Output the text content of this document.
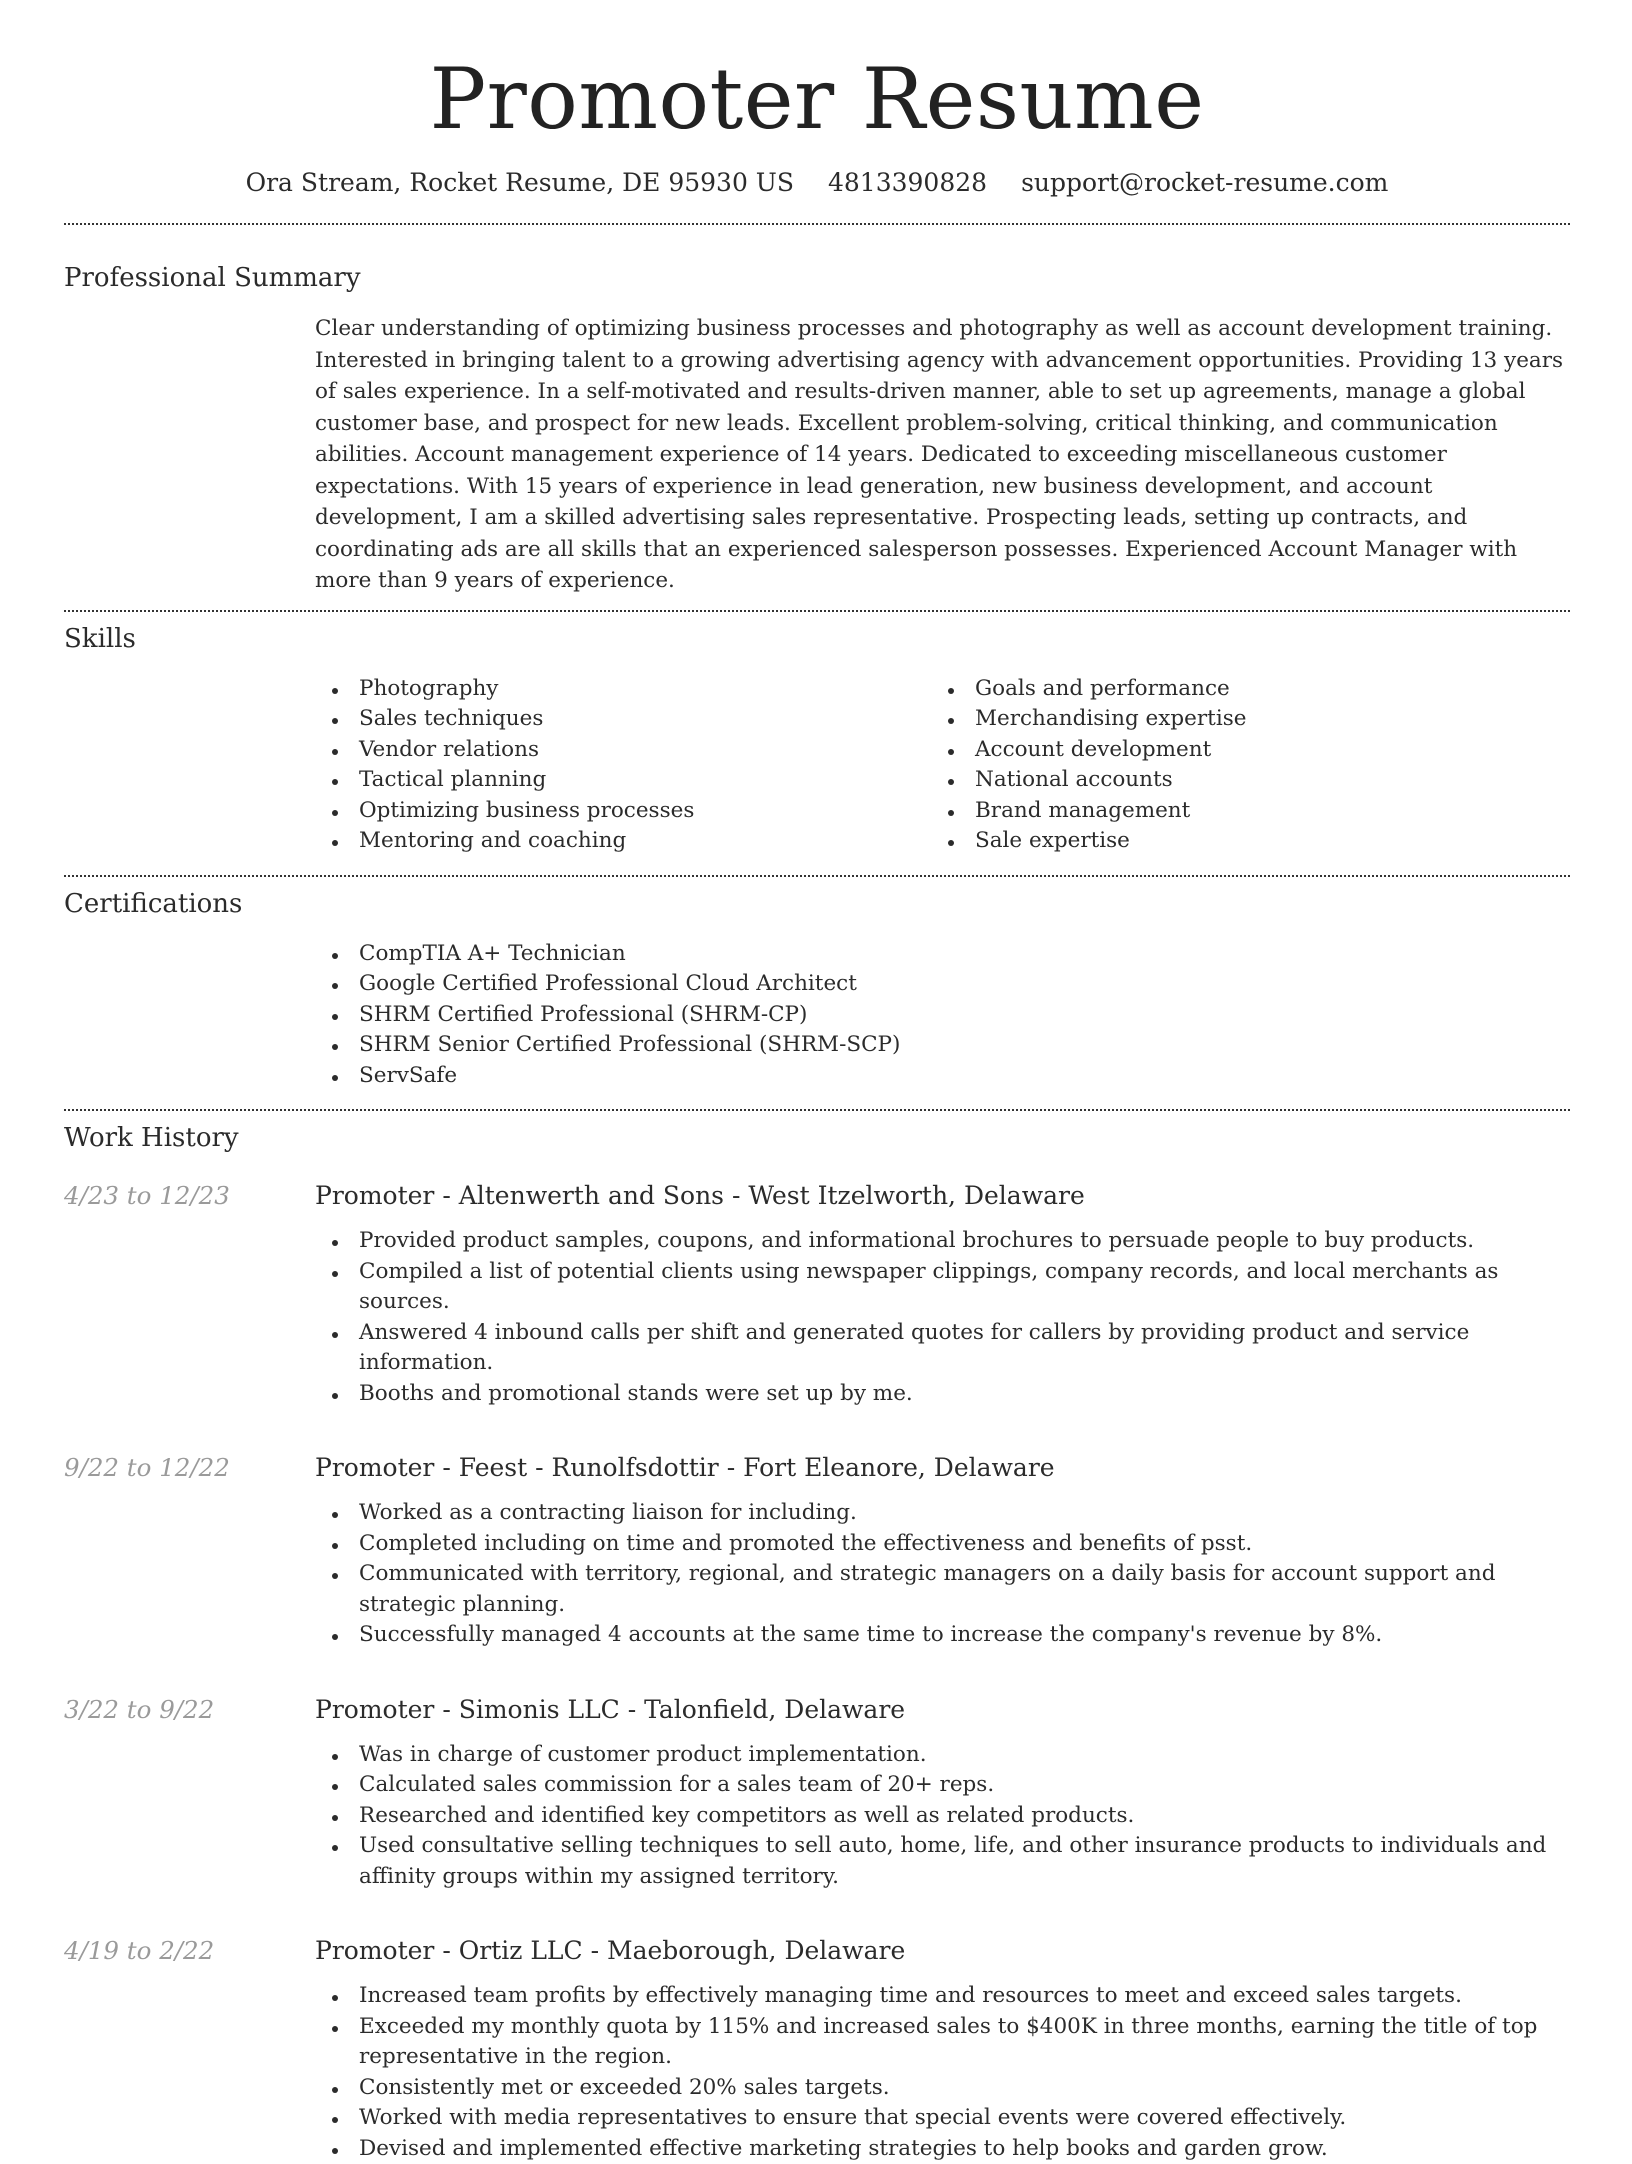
Promoter Resume
Ora Stream, Rocket Resume, DE 95930 US 4813390828 support@rocket-resume.com
Professional Summary

Clear understanding of optimizing business processes and photography as well as account development training. Interested in bringing talent to a growing advertising agency with advancement opportunities. Providing 13 years of sales experience. In a self-motivated and results-driven manner, able to set up agreements, manage a global customer base, and prospect for new leads. Excellent problem-solving, critical thinking, and communication abilities. Account management experience of 14 years. Dedicated to exceeding miscellaneous customer expectations. With 15 years of experience in lead generation, new business development, and account development, I am a skilled advertising sales representative. Prospecting leads, setting up contracts, and coordinating ads are all skills that an experienced salesperson possesses. Experienced Account Manager with more than 9 years of experience.

Skills
Photography
Sales techniques
Vendor relations
Tactical planning
Optimizing business processes
Mentoring and coaching
Goals and performance
Merchandising expertise
Account development
National accounts
Brand management
Sale expertise
Certifications
CompTIA A+ Technician
Google Certified Professional Cloud Architect
SHRM Certified Professional (SHRM-CP)
SHRM Senior Certified Professional (SHRM-SCP)
ServSafe
Work History
4/23 to 12/23	Promoter - Altenwerth and Sons - West Itzelworth, Delaware
Provided product samples, coupons, and informational brochures to persuade people to buy products.
Compiled a list of potential clients using newspaper clippings, company records, and local merchants as sources.
Answered 4 inbound calls per shift and generated quotes for callers by providing product and service information.
Booths and promotional stands were set up by me.
9/22 to 12/22	Promoter - Feest - Runolfsdottir - Fort Eleanore, Delaware
Worked as a contracting liaison for including.
Completed including on time and promoted the effectiveness and benefits of psst.
Communicated with territory, regional, and strategic managers on a daily basis for account support and strategic planning.
Successfully managed 4 accounts at the same time to increase the company's revenue by 8%.
3/22 to 9/22	Promoter - Simonis LLC - Talonfield, Delaware
Was in charge of customer product implementation.
Calculated sales commission for a sales team of 20+ reps.
Researched and identified key competitors as well as related products.
Used consultative selling techniques to sell auto, home, life, and other insurance products to individuals and affinity groups within my assigned territory.
4/19 to 2/22	Promoter - Ortiz LLC - Maeborough, Delaware
Increased team profits by effectively managing time and resources to meet and exceed sales targets.
Exceeded my monthly quota by 115% and increased sales to $400K in three months, earning the title of top representative in the region.
Consistently met or exceeded 20% sales targets.
Worked with media representatives to ensure that special events were covered effectively.
Devised and implemented effective marketing strategies to help books and garden grow.
